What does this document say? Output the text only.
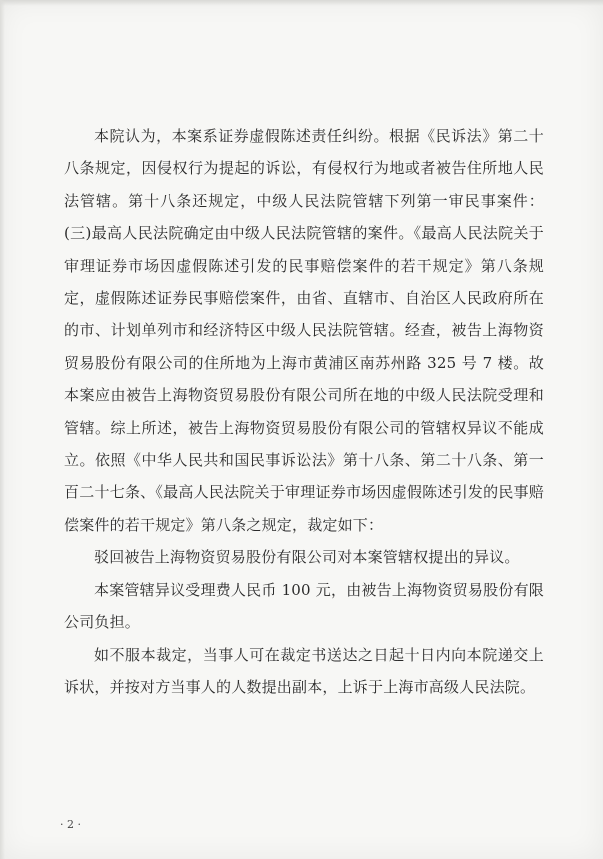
本院认为，本案系证券虚假陈述责任纠纷。根据《民诉法》第二十八条规定，因侵权行为提起的诉讼，有侵权行为地或者被告住所地人民法管辖。第十八条还规定，中级人民法院管辖下列第一审民事案件：(三)最高人民法院确定由中级人民法院管辖的案件。《最高人民法院关于审理证券市场因虚假陈述引发的民事赔偿案件的若干规定》第八条规定，虚假陈述证券民事赔偿案件，由省、直辖市、自治区人民政府所在的市、计划单列市和经济特区中级人民法院管辖。经查，被告上海物资贸易股份有限公司的住所地为上海市黄浦区南苏州路 325 号 7 楼。故本案应由被告上海物资贸易股份有限公司所在地的中级人民法院受理和管辖。综上所述，被告上海物资贸易股份有限公司的管辖权异议不能成立。依照《中华人民共和国民事诉讼法》第十八条、第二十八条、第一百二十七条、《最高人民法院关于审理证券市场因虚假陈述引发的民事赔偿案件的若干规定》第八条之规定，裁定如下：

驳回被告上海物资贸易股份有限公司对本案管辖权提出的异议。

本案管辖异议受理费人民币 100 元，由被告上海物资贸易股份有限公司负担。

如不服本裁定，当事人可在裁定书送达之日起十日内向本院递交上诉状，并按对方当事人的人数提出副本，上诉于上海市高级人民法院。

· 2 ·
